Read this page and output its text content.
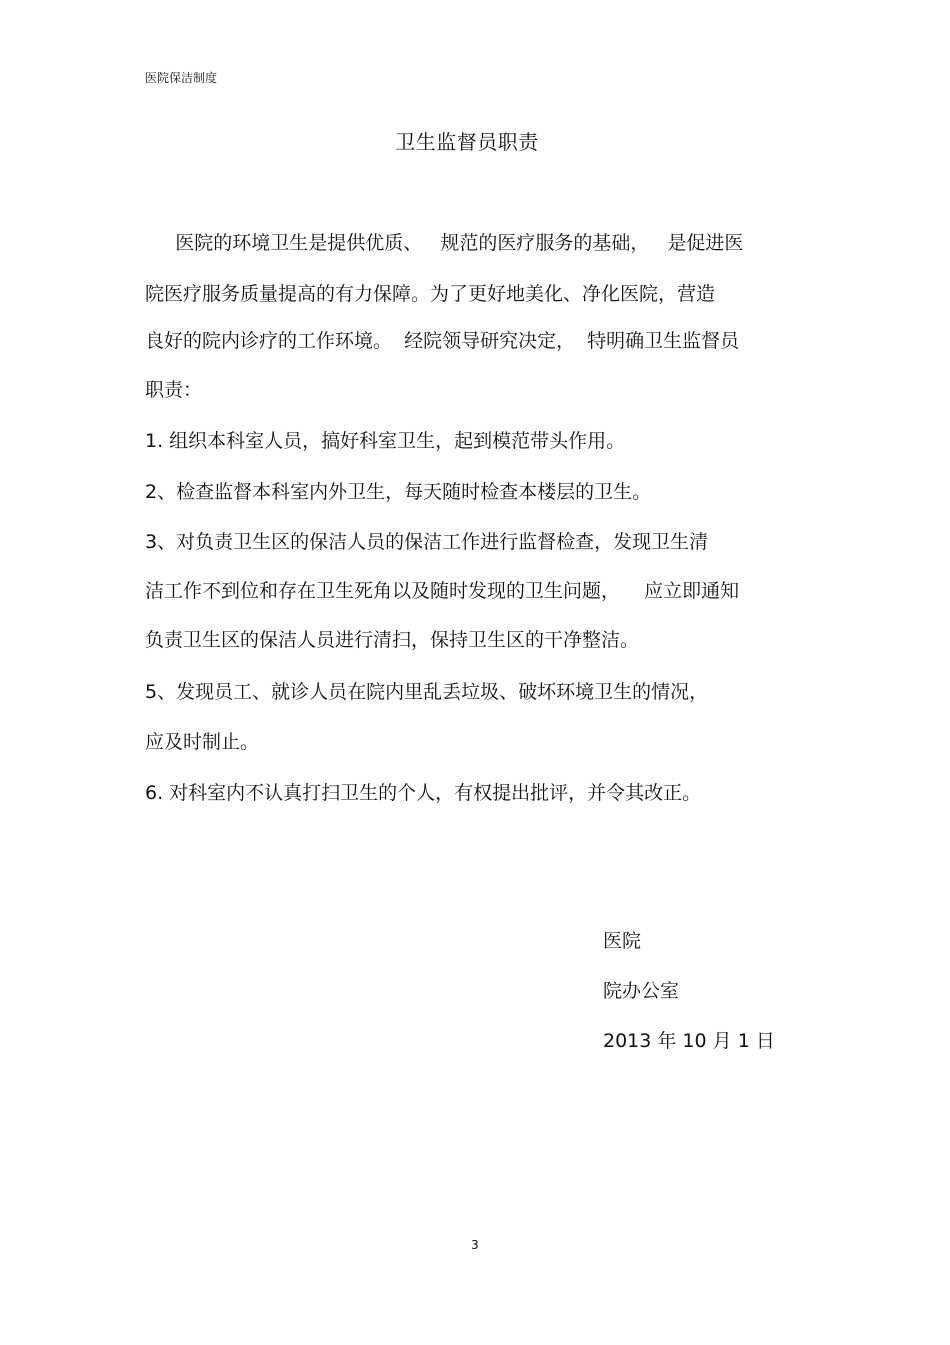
医院保洁制度
卫生监督员职责
医院的环境卫生是提供优质、   规范的医疗服务的基础，   是促进医
院医疗服务质量提高的有力保障。为了更好地美化、净化医院，营造
良好的院内诊疗的工作环境。  经院领导研究决定，  特明确卫生监督员
职责：
1. 组织本科室人员，搞好科室卫生，起到模范带头作用。
2、检查监督本科室内外卫生，每天随时检查本楼层的卫生。
3、对负责卫生区的保洁人员的保洁工作进行监督检查，发现卫生清
洁工作不到位和存在卫生死角以及随时发现的卫生问题，    应立即通知
负责卫生区的保洁人员进行清扫，保持卫生区的干净整洁。
5、发现员工、就诊人员在院内里乱丢垃圾、破坏环境卫生的情况，
应及时制止。
6. 对科室内不认真打扫卫生的个人，有权提出批评，并令其改正。
医院
院办公室
2013 年 10 月 1 日
3
